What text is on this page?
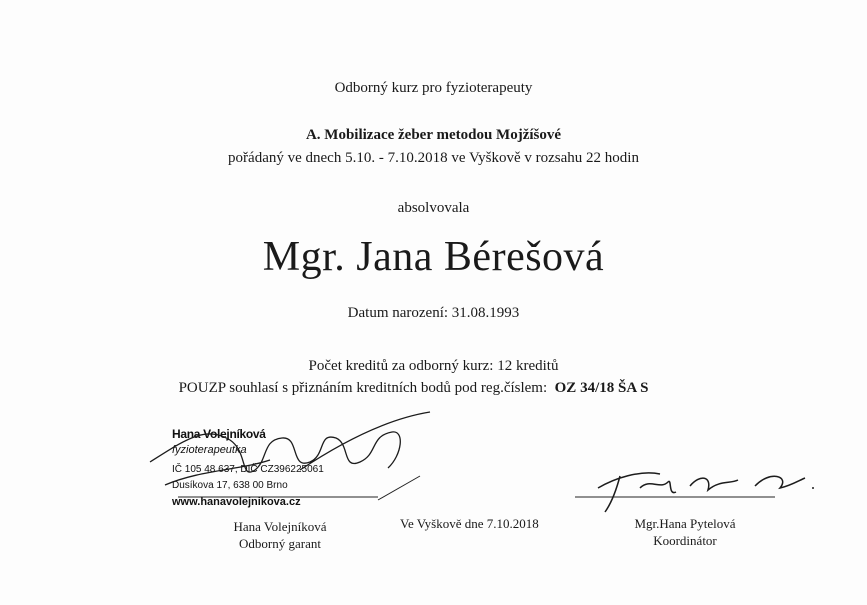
Odborný kurz pro fyzioterapeuty
A. Mobilizace žeber metodou Mojžíšové
pořádaný ve dnech 5.10. - 7.10.2018 ve Vyškově v rozsahu 22 hodin
absolvovala
Mgr. Jana Bérešová
Datum narození: 31.08.1993
Počet kreditů za odborný kurz: 12 kreditů
POUZP souhlasí s přiznáním kreditních bodů pod reg.číslem: OZ 34/18 ŠA S
Hana Volejníková
fyzioterapeutka
IČ 105 48 637, DIČ CZ396225061
Dusíkova 17, 638 00 Brno
www.hanavolejnikova.cz
Hana Volejníková
Odborný garant
Ve Vyškově dne 7.10.2018	Mgr.Hana Pytelová
Koordinátor
